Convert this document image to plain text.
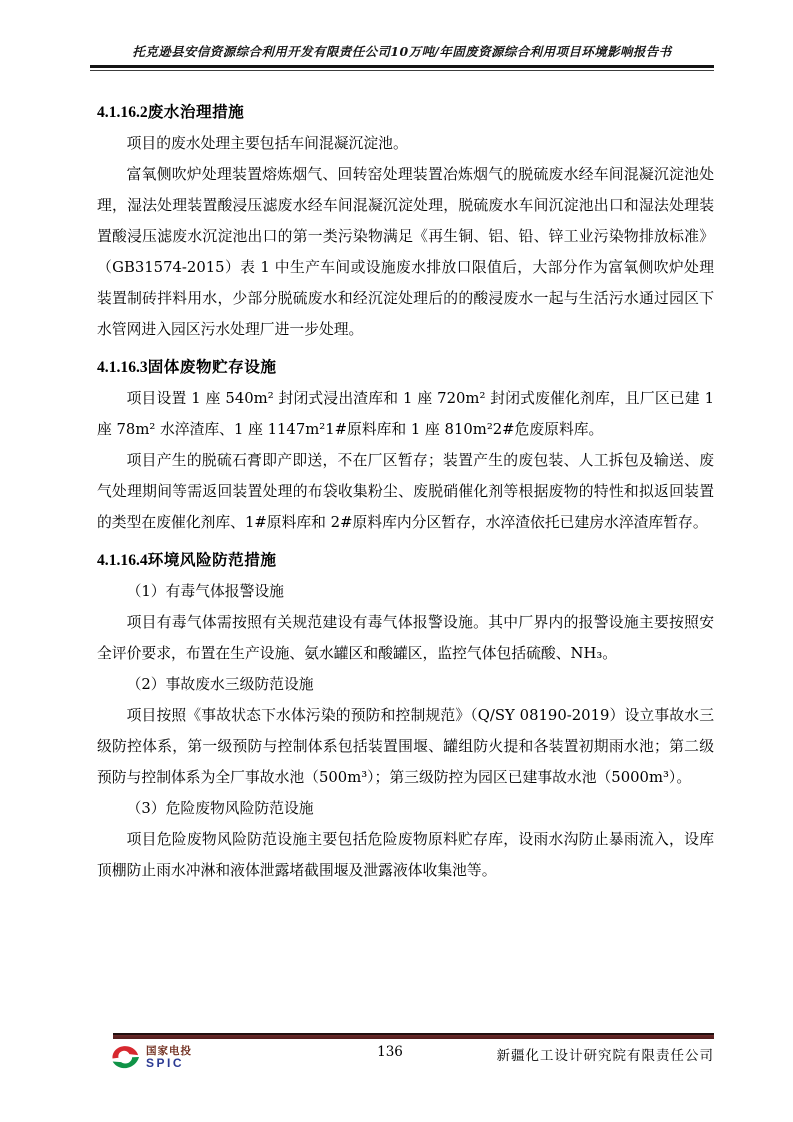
托克逊县安信资源综合利用开发有限责任公司10万吨/年固废资源综合利用项目环境影响报告书
4.1.16.2废水治理措施

项目的废水处理主要包括车间混凝沉淀池。

富氧侧吹炉处理装置熔炼烟气、回转窑处理装置冶炼烟气的脱硫废水经车间混凝沉淀池处理，湿法处理装置酸浸压滤废水经车间混凝沉淀处理，脱硫废水车间沉淀池出口和湿法处理装置酸浸压滤废水沉淀池出口的第一类污染物满足《再生铜、铝、铅、锌工业污染物排放标准》（GB31574-2015）表 1 中生产车间或设施废水排放口限值后，大部分作为富氧侧吹炉处理装置制砖拌料用水，少部分脱硫废水和经沉淀处理后的的酸浸废水一起与生活污水通过园区下水管网进入园区污水处理厂进一步处理。

4.1.16.3固体废物贮存设施

项目设置 1 座 540m² 封闭式浸出渣库和 1 座 720m² 封闭式废催化剂库，且厂区已建 1 座 78m² 水淬渣库、1 座 1147m²1#原料库和 1 座 810m²2#危废原料库。

项目产生的脱硫石膏即产即送，不在厂区暂存；装置产生的废包装、人工拆包及输送、废气处理期间等需返回装置处理的布袋收集粉尘、废脱硝催化剂等根据废物的特性和拟返回装置的类型在废催化剂库、1#原料库和 2#原料库内分区暂存，水淬渣依托已建房水淬渣库暂存。

4.1.16.4环境风险防范措施

（1）有毒气体报警设施

项目有毒气体需按照有关规范建设有毒气体报警设施。其中厂界内的报警设施主要按照安全评价要求，布置在生产设施、氨水罐区和酸罐区，监控气体包括硫酸、NH₃。

（2）事故废水三级防范设施

项目按照《事故状态下水体污染的预防和控制规范》（Q/SY 08190-2019）设立事故水三级防控体系，第一级预防与控制体系包括装置围堰、罐组防火提和各装置初期雨水池；第二级预防与控制体系为全厂事故水池（500m³）；第三级防控为园区已建事故水池（5000m³）。

（3）危险废物风险防范设施

项目危险废物风险防范设施主要包括危险废物原料贮存库，设雨水沟防止暴雨流入，设库顶棚防止雨水冲淋和液体泄露堵截围堰及泄露液体收集池等。

国家电投
SPIC
136	新疆化工设计研究院有限责任公司
